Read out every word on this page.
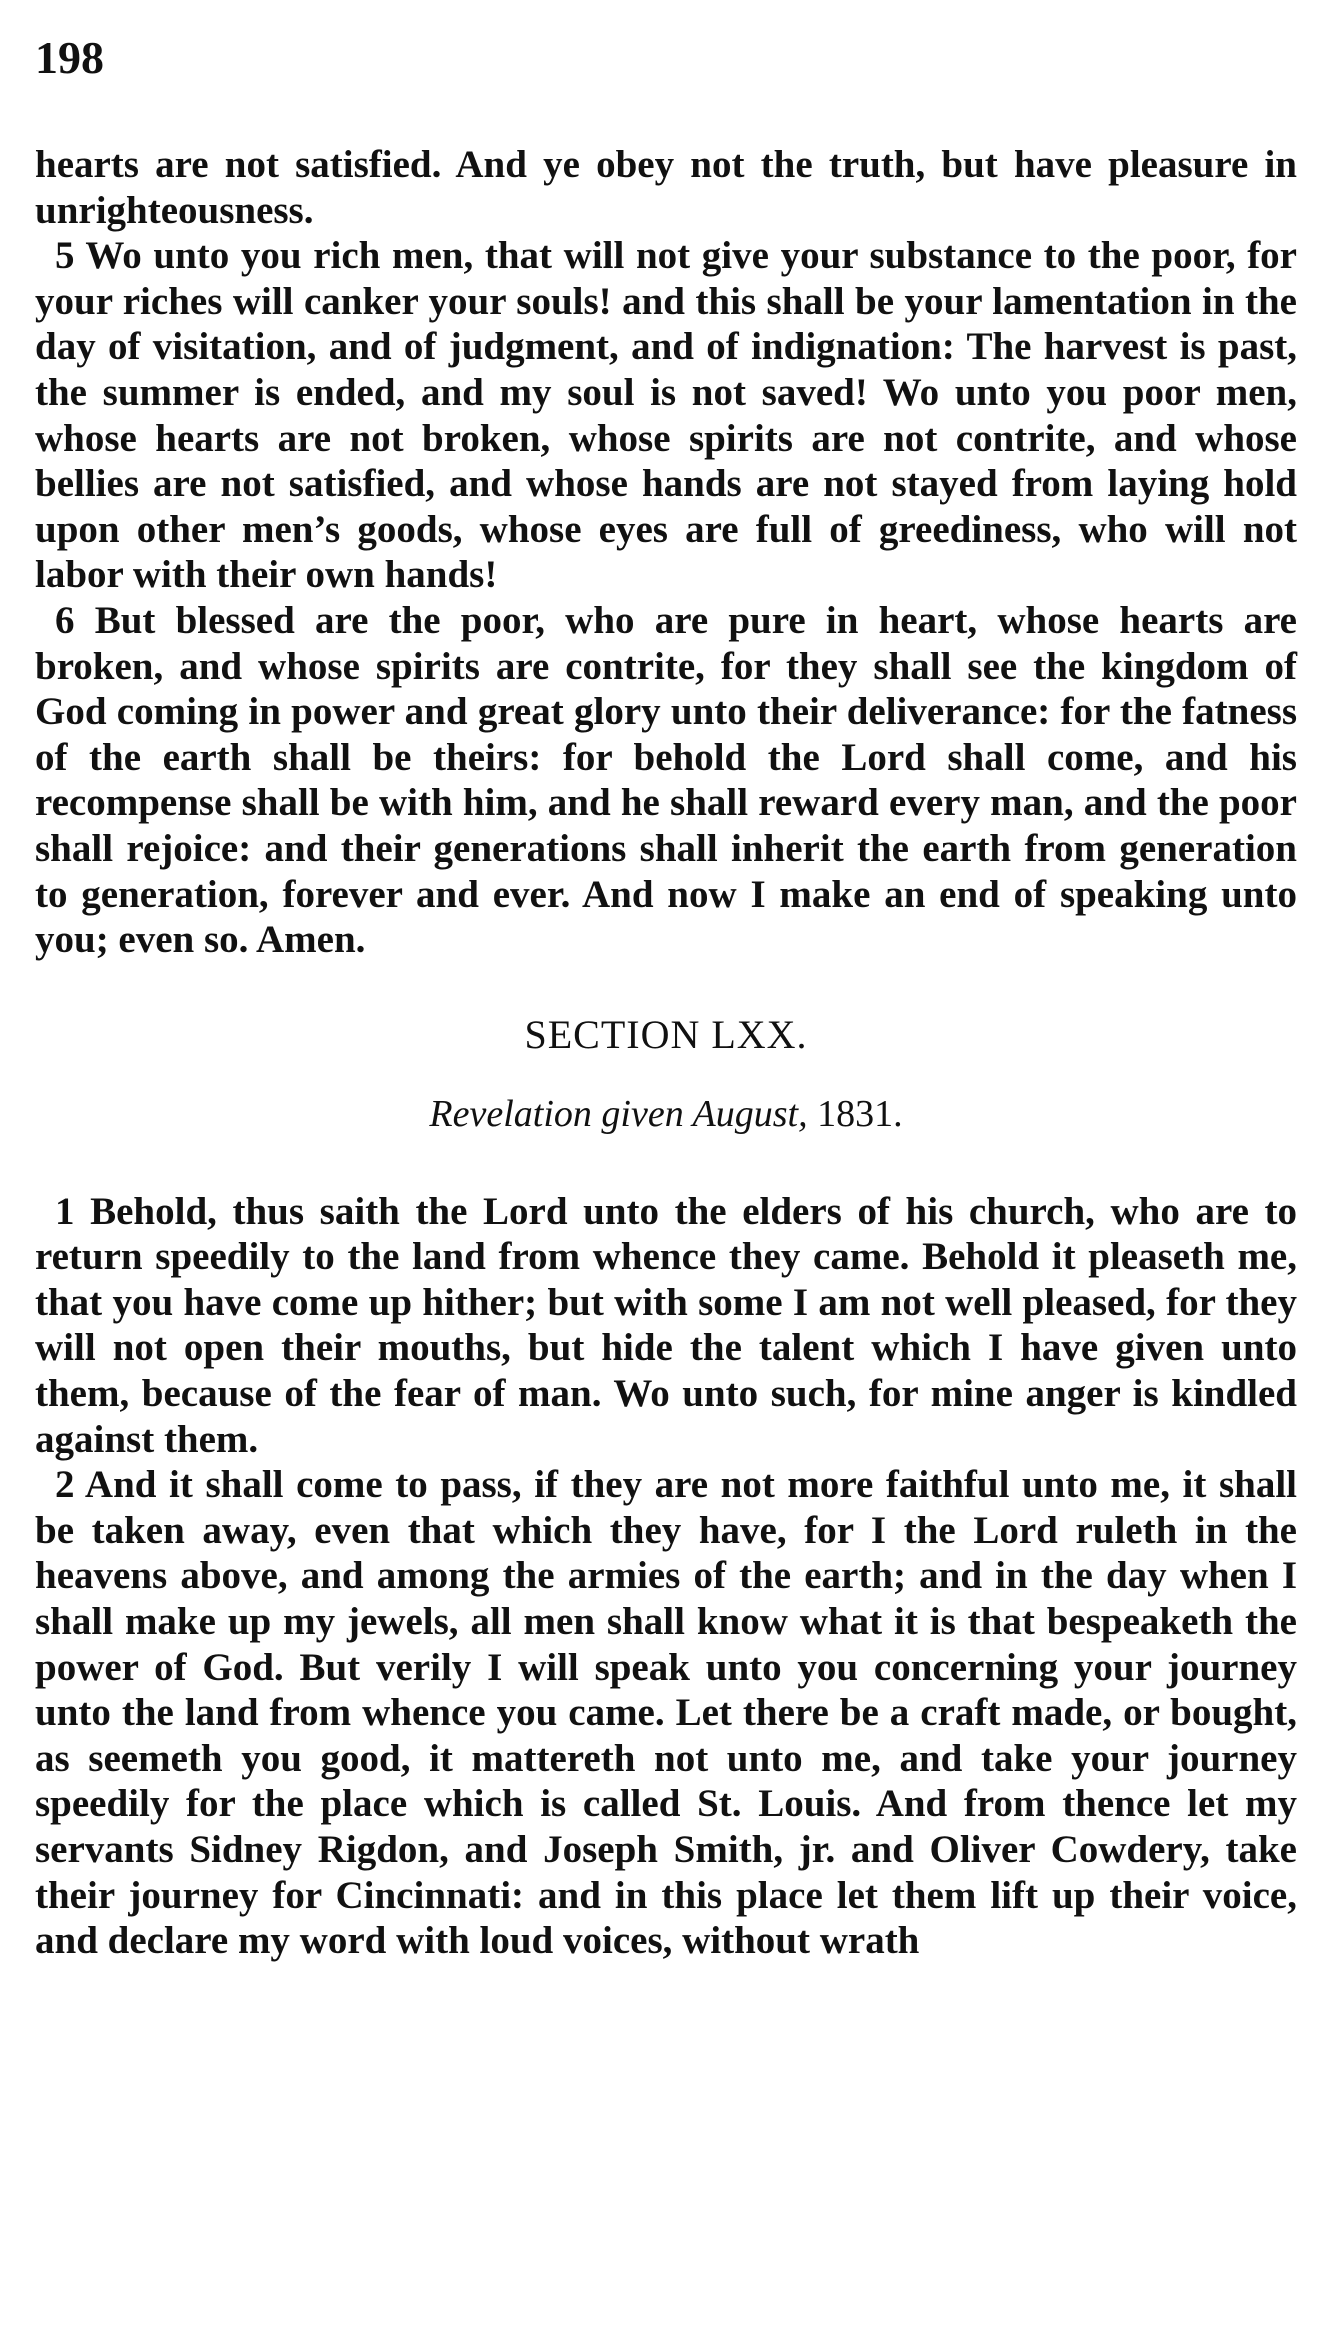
198

hearts are not satisfied. And ye obey not the truth, but have pleasure in unrighteousness.

5 Wo unto you rich men, that will not give your substance to the poor, for your riches will canker your souls! and this shall be your lamentation in the day of visitation, and of judgment, and of indignation: The harvest is past, the summer is ended, and my soul is not saved! Wo unto you poor men, whose hearts are not broken, whose spirits are not contrite, and whose bellies are not satisfied, and whose hands are not stayed from laying hold upon other men’s goods, whose eyes are full of greediness, who will not labor with their own hands!

6 But blessed are the poor, who are pure in heart, whose hearts are broken, and whose spirits are contrite, for they shall see the kingdom of God coming in power and great glory unto their deliverance: for the fatness of the earth shall be theirs: for behold the Lord shall come, and his recompense shall be with him, and he shall reward every man, and the poor shall rejoice: and their generations shall inherit the earth from generation to generation, forever and ever. And now I make an end of speaking unto you; even so. Amen.

SECTION LXX.
Revelation given August, 1831.

1 Behold, thus saith the Lord unto the elders of his church, who are to return speedily to the land from whence they came. Behold it pleaseth me, that you have come up hither; but with some I am not well pleased, for they will not open their mouths, but hide the talent which I have given unto them, because of the fear of man. Wo unto such, for mine anger is kindled against them.

2 And it shall come to pass, if they are not more faithful unto me, it shall be taken away, even that which they have, for I the Lord ruleth in the heavens above, and among the armies of the earth; and in the day when I shall make up my jewels, all men shall know what it is that bespeaketh the power of God. But verily I will speak unto you concerning your journey unto the land from whence you came. Let there be a craft made, or bought, as seemeth you good, it mattereth not unto me, and take your journey speedily for the place which is called St. Louis. And from thence let my servants Sidney Rigdon, and Joseph Smith, jr. and Oliver Cowdery, take their journey for Cincinnati: and in this place let them lift up their voice, and declare my word with loud voices, without wrath
